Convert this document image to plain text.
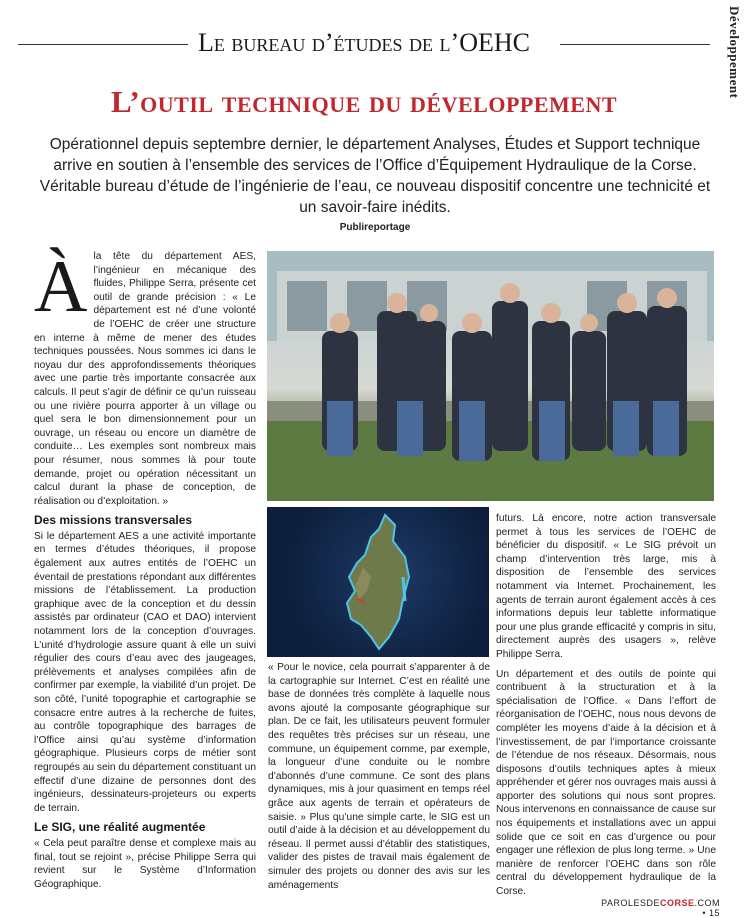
Développement
Le bureau d’études de l’OEHC
L’outil technique du développement
Opérationnel depuis septembre dernier, le département Analyses, Études et Support technique arrive en soutien à l’ensemble des services de l’Office d’Équipement Hydraulique de la Corse. Véritable bureau d’étude de l’ingénierie de l’eau, ce nouveau dispositif concentre une technicité et un savoir-faire inédits.
Publireportage

À la tête du département AES, l’ingénieur en mécanique des fluides, Philippe Serra, présente cet outil de grande précision : « Le département est né d’une volonté de l’OEHC de créer une structure en interne à même de mener des études techniques poussées. Nous sommes ici dans le noyau dur des approfondissements théoriques avec une partie très importante consacrée aux calculs. Il peut s’agir de définir ce qu’un ruisseau ou une rivière pourra apporter à un village ou quel sera le bon dimensionnement pour un ouvrage, un réseau ou encore un diamètre de conduite… Les exemples sont nombreux mais pour résumer, nous sommes là pour toute demande, projet ou opération nécessitant un calcul durant la phase de conception, de réalisation ou d’exploitation. »

Des missions transversales

Si le département AES a une activité importante en termes d’études théoriques, il propose également aux autres entités de l’OEHC un éventail de prestations répondant aux différentes missions de l’établissement. La production graphique avec de la conception et du dessin assistés par ordinateur (CAO et DAO) intervient notamment lors de la conception d’ouvrages. L’unité d’hydrologie assure quant à elle un suivi régulier des cours d’eau avec des jaugeages, prélèvements et analyses compilées afin de confirmer par exemple, la viabilité d’un projet. De son côté, l’unité topographie et cartographie se consacre entre autres à la recherche de fuites, au contrôle topographique des barrages de l’Office ainsi qu’au système d’information géographique. Plusieurs corps de métier sont regroupés au sein du département constituant un effectif d’une dizaine de personnes dont des ingénieurs, dessinateurs-projeteurs ou experts de terrain.

Le SIG, une réalité augmentée

« Cela peut paraître dense et complexe mais au final, tout se rejoint », précise Philippe Serra qui revient sur le Système d’Information Géographique.

« Pour le novice, cela pourrait s’apparenter à de la cartographie sur Internet. C’est en réalité une base de données très complète à laquelle nous avons ajouté la composante géographique sur plan. De ce fait, les utilisateurs peuvent formuler des requêtes très précises sur un réseau, une commune, un équipement comme, par exemple, la longueur d’une conduite ou le nombre d’abonnés d’une commune. Ce sont des plans dynamiques, mis à jour quasiment en temps réel grâce aux agents de terrain et opérateurs de saisie. » Plus qu’une simple carte, le SIG est un outil d’aide à la décision et au développement du réseau. Il permet aussi d’établir des statistiques, valider des pistes de travail mais également de simuler des projets ou donner des avis sur les aménagements

futurs. Là encore, notre action transversale permet à tous les services de l’OEHC de bénéficier du dispositif. « Le SIG prévoit un champ d’intervention très large, mis à disposition de l’ensemble des services notamment via Internet. Prochainement, les agents de terrain auront également accès à ces informations depuis leur tablette informatique pour une plus grande efficacité y compris in situ, directement auprès des usagers », relève Philippe Serra.

Un département et des outils de pointe qui contribuent à la structuration et à la spécialisation de l’Office. « Dans l’effort de réorganisation de l’OEHC, nous nous devons de compléter les moyens d’aide à la décision et à l’investissement, de par l’importance croissante de l’étendue de nos réseaux. Désormais, nous disposons d’outils techniques aptes à mieux appréhender et gérer nos ouvrages mais aussi à apporter des solutions qui nous sont propres. Nous intervenons en connaissance de cause sur nos équipements et installations avec un appui solide que ce soit en cas d’urgence ou pour engager une réflexion de plus long terme. » Une manière de renforcer l’OEHC dans son rôle central du développement hydraulique de la Corse.

PAROLESDECORSE.COM • 15
